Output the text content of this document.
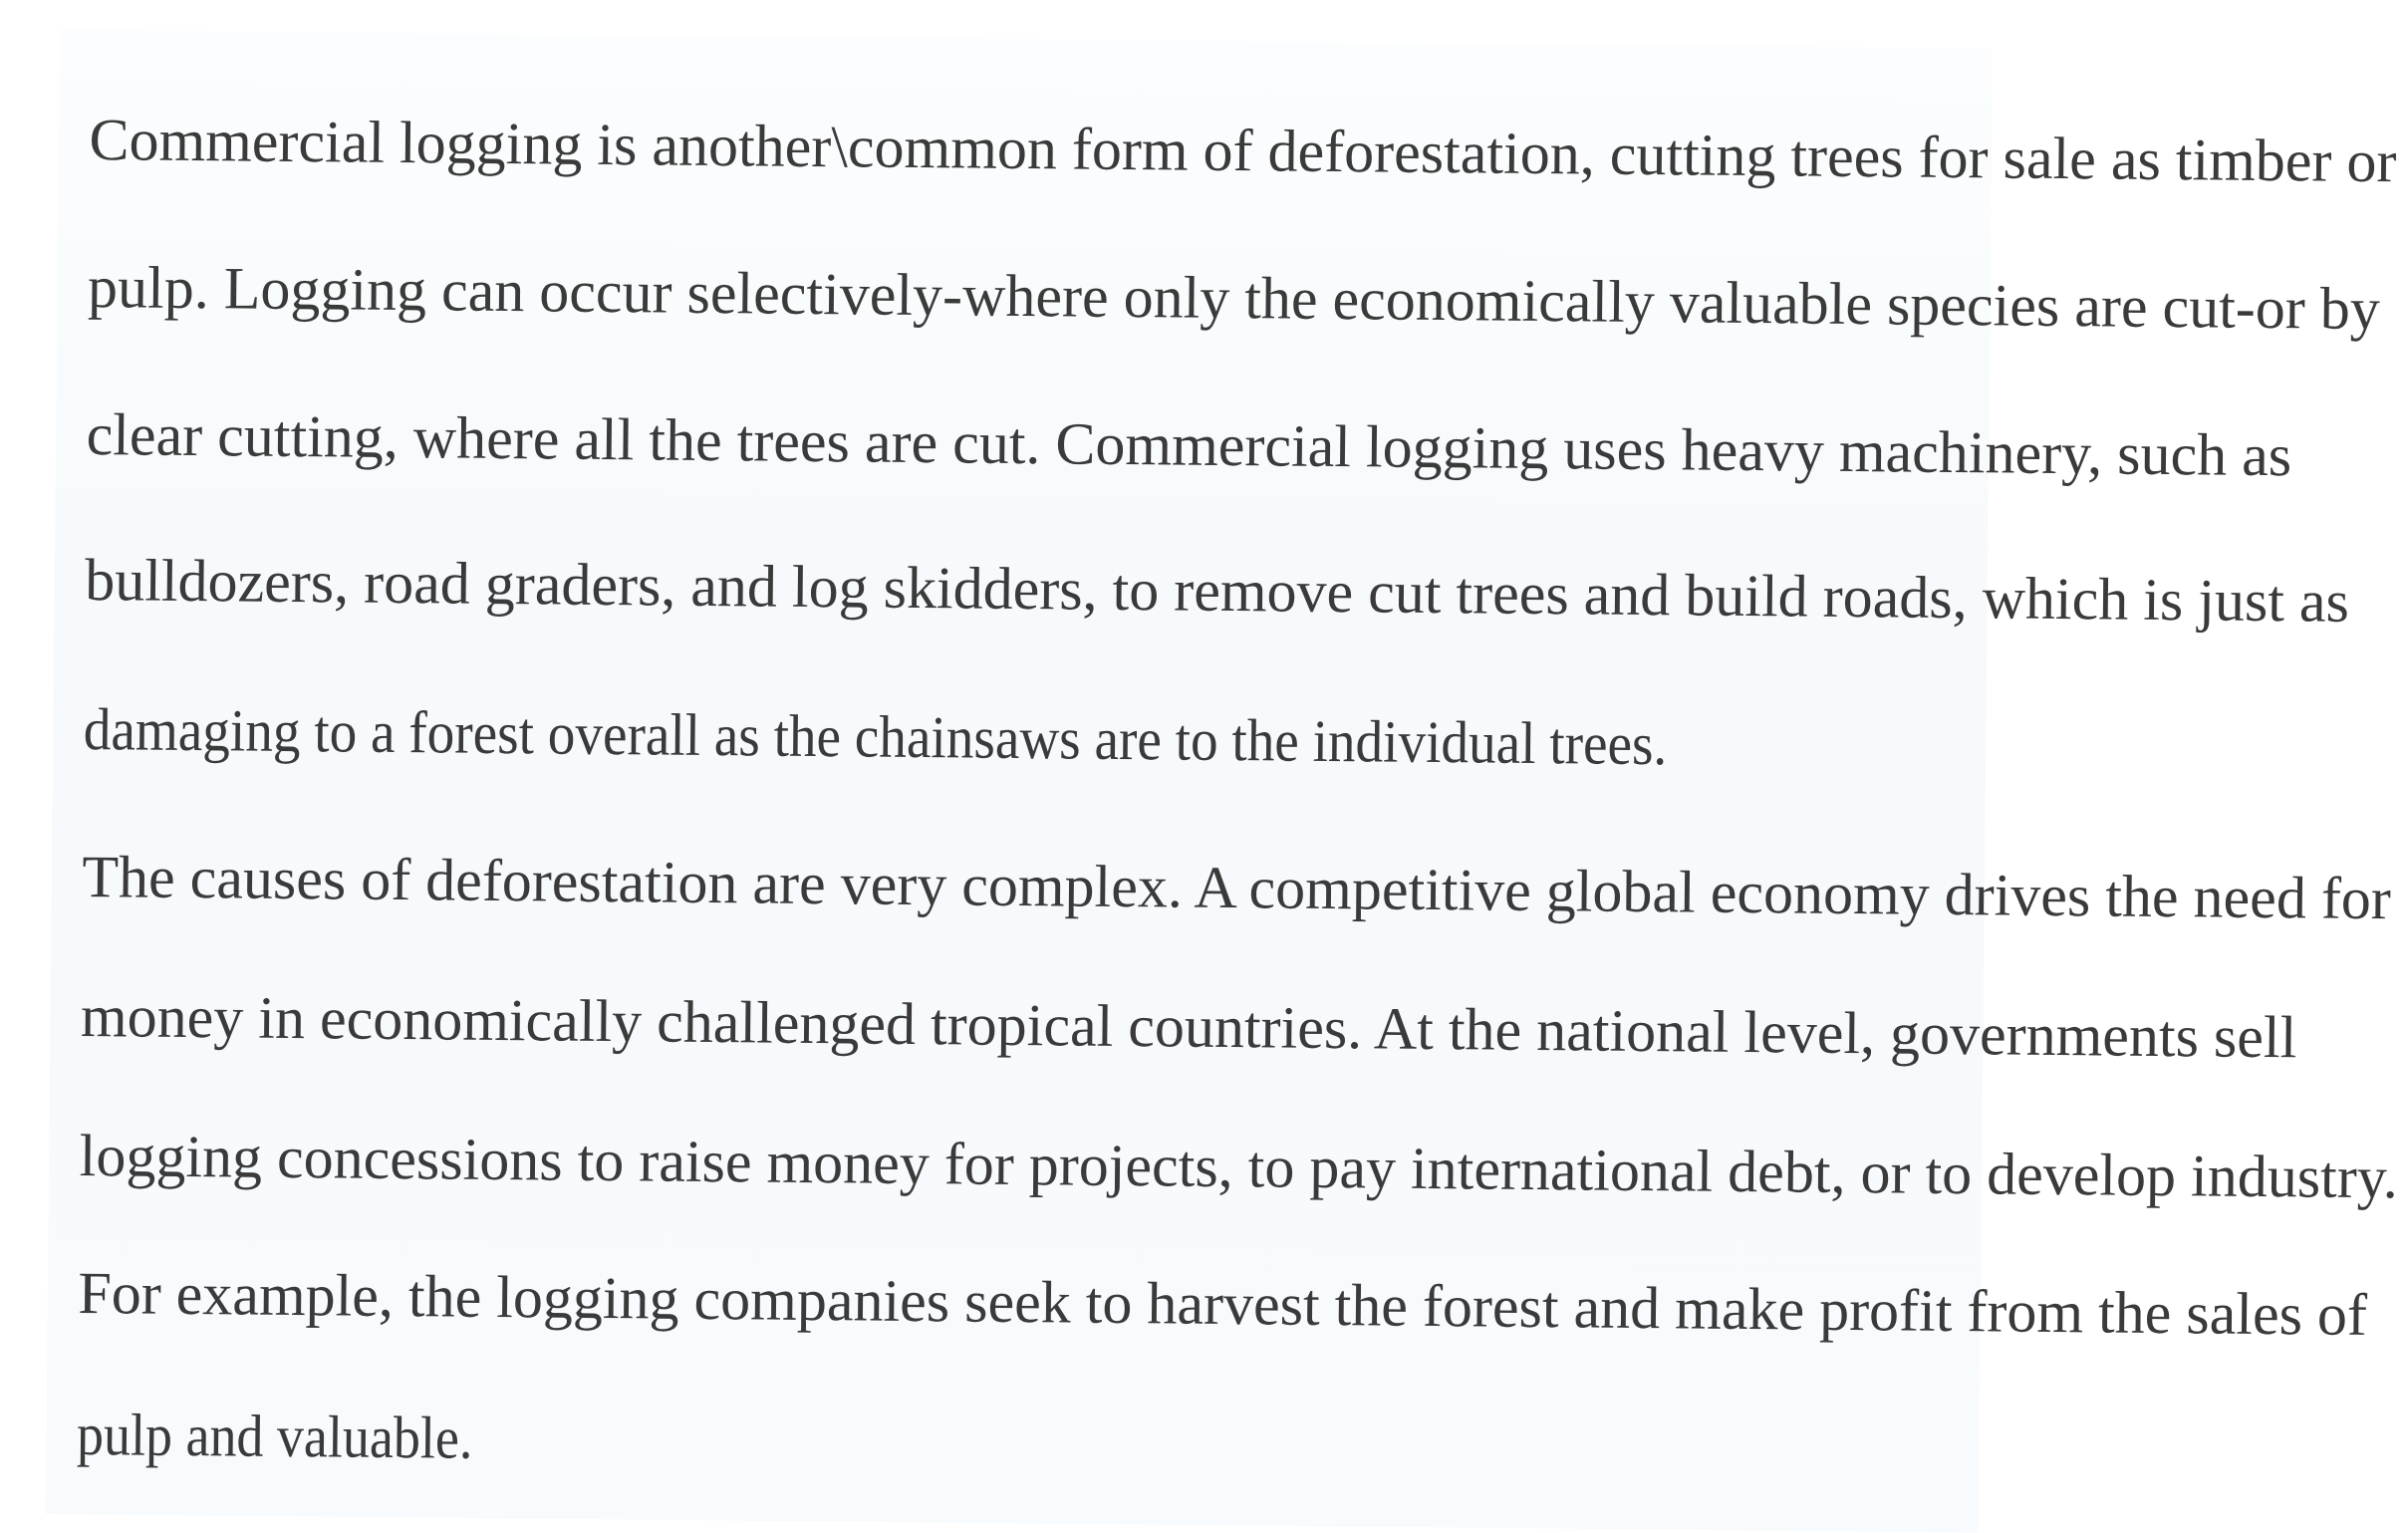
Commercial logging is another\common form of deforestation, cutting trees for sale as timber or
pulp. Logging can occur selectively-where only the economically valuable species are cut-or by
clear cutting, where all the trees are cut. Commercial logging uses heavy machinery, such as
bulldozers, road graders, and log skidders, to remove cut trees and build roads, which is just as
damaging to a forest overall as the chainsaws are to the individual trees.
The causes of deforestation are very complex. A competitive global economy drives the need for
money in economically challenged tropical countries. At the national level, governments sell
logging concessions to raise money for projects, to pay international debt, or to develop industry.
For example, the logging companies seek to harvest the forest and make profit from the sales of
pulp and valuable.
